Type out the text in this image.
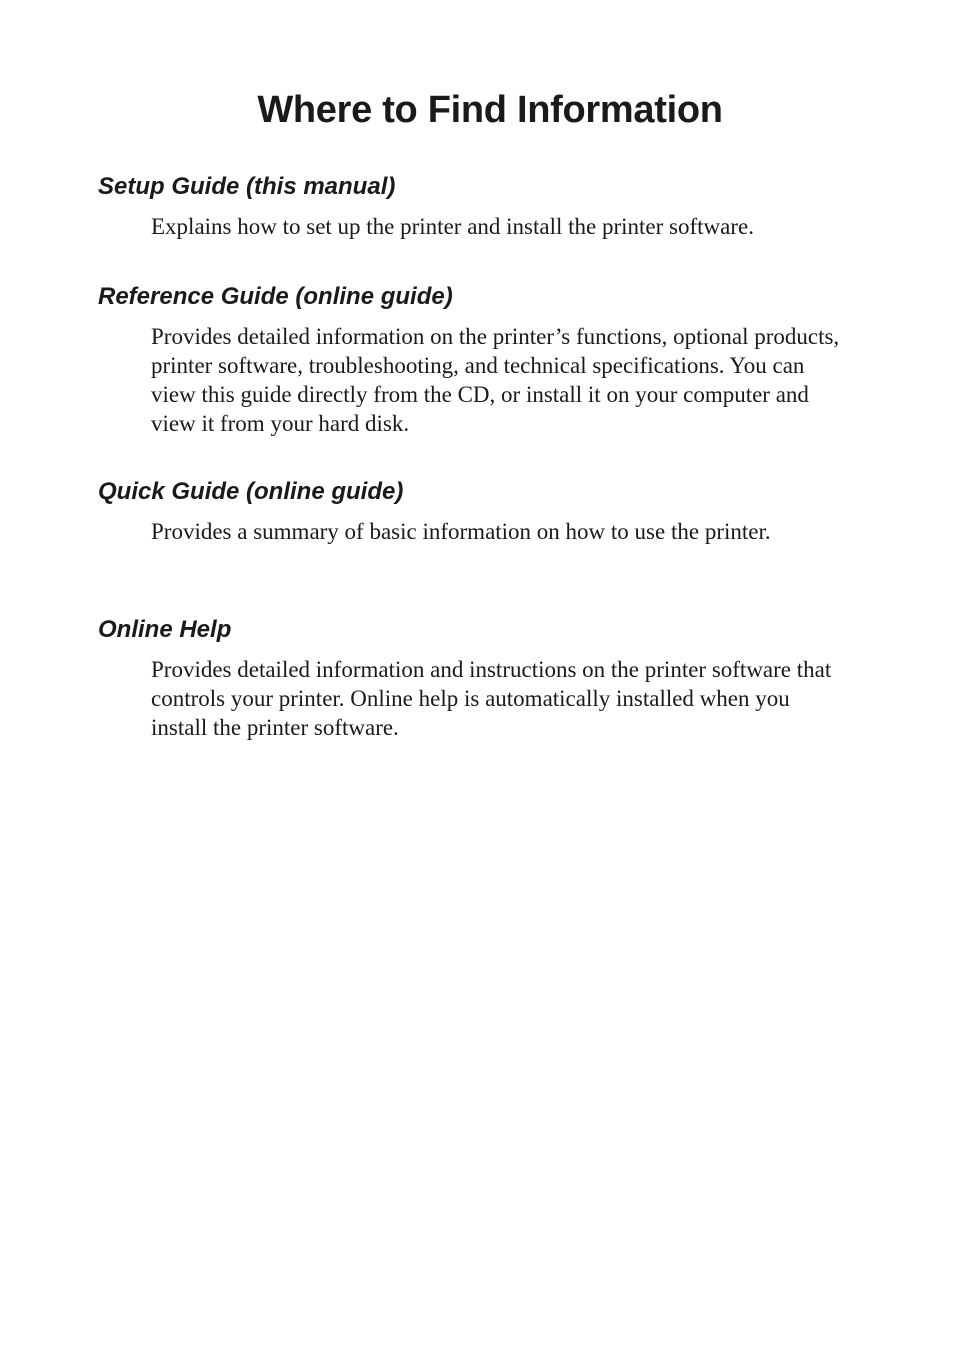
Where to Find Information
Setup Guide (this manual)

Explains how to set up the printer and install the printer software.

Reference Guide (online guide)

Provides detailed information on the printer’s functions, optional products, printer software, troubleshooting, and technical specifications. You can view this guide directly from the CD, or install it on your computer and view it from your hard disk.

Quick Guide (online guide)

Provides a summary of basic information on how to use the printer.

Online Help

Provides detailed information and instructions on the printer software that controls your printer. Online help is automatically installed when you install the printer software.
